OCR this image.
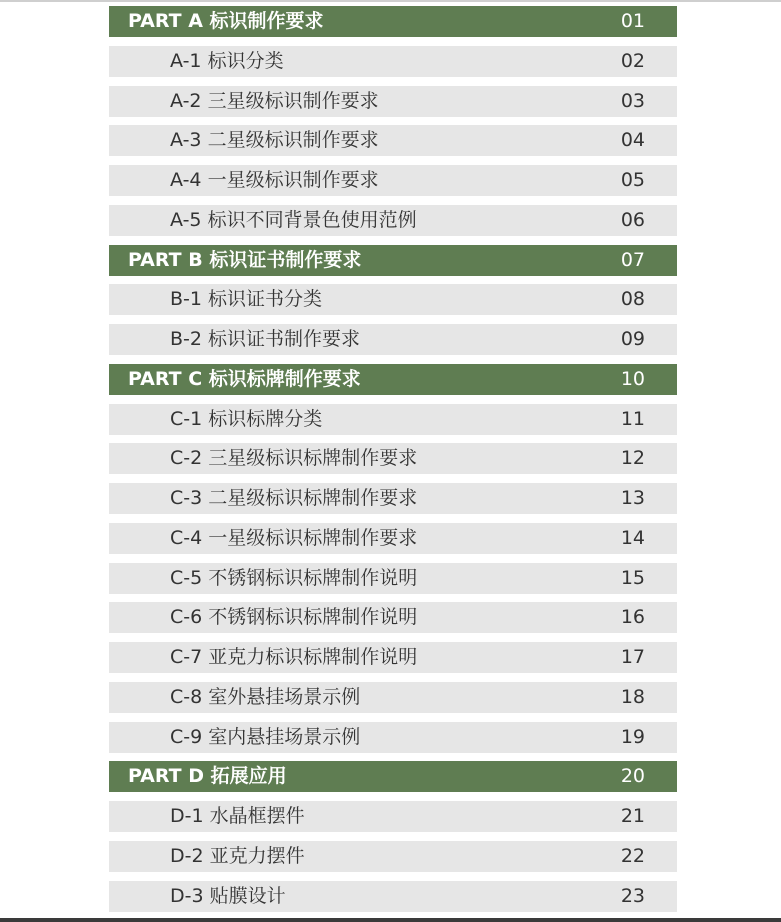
PART A 标识制作要求	01
A-1 标识分类	02
A-2 三星级标识制作要求	03
A-3 二星级标识制作要求	04
A-4 一星级标识制作要求	05
A-5 标识不同背景色使用范例	06
PART B 标识证书制作要求	07
B-1 标识证书分类	08
B-2 标识证书制作要求	09
PART C 标识标牌制作要求	10
C-1 标识标牌分类	11
C-2 三星级标识标牌制作要求	12
C-3 二星级标识标牌制作要求	13
C-4 一星级标识标牌制作要求	14
C-5 不锈钢标识标牌制作说明	15
C-6 不锈钢标识标牌制作说明	16
C-7 亚克力标识标牌制作说明	17
C-8 室外悬挂场景示例	18
C-9 室内悬挂场景示例	19
PART D 拓展应用	20
D-1 水晶框摆件	21
D-2 亚克力摆件	22
D-3 贴膜设计	23
